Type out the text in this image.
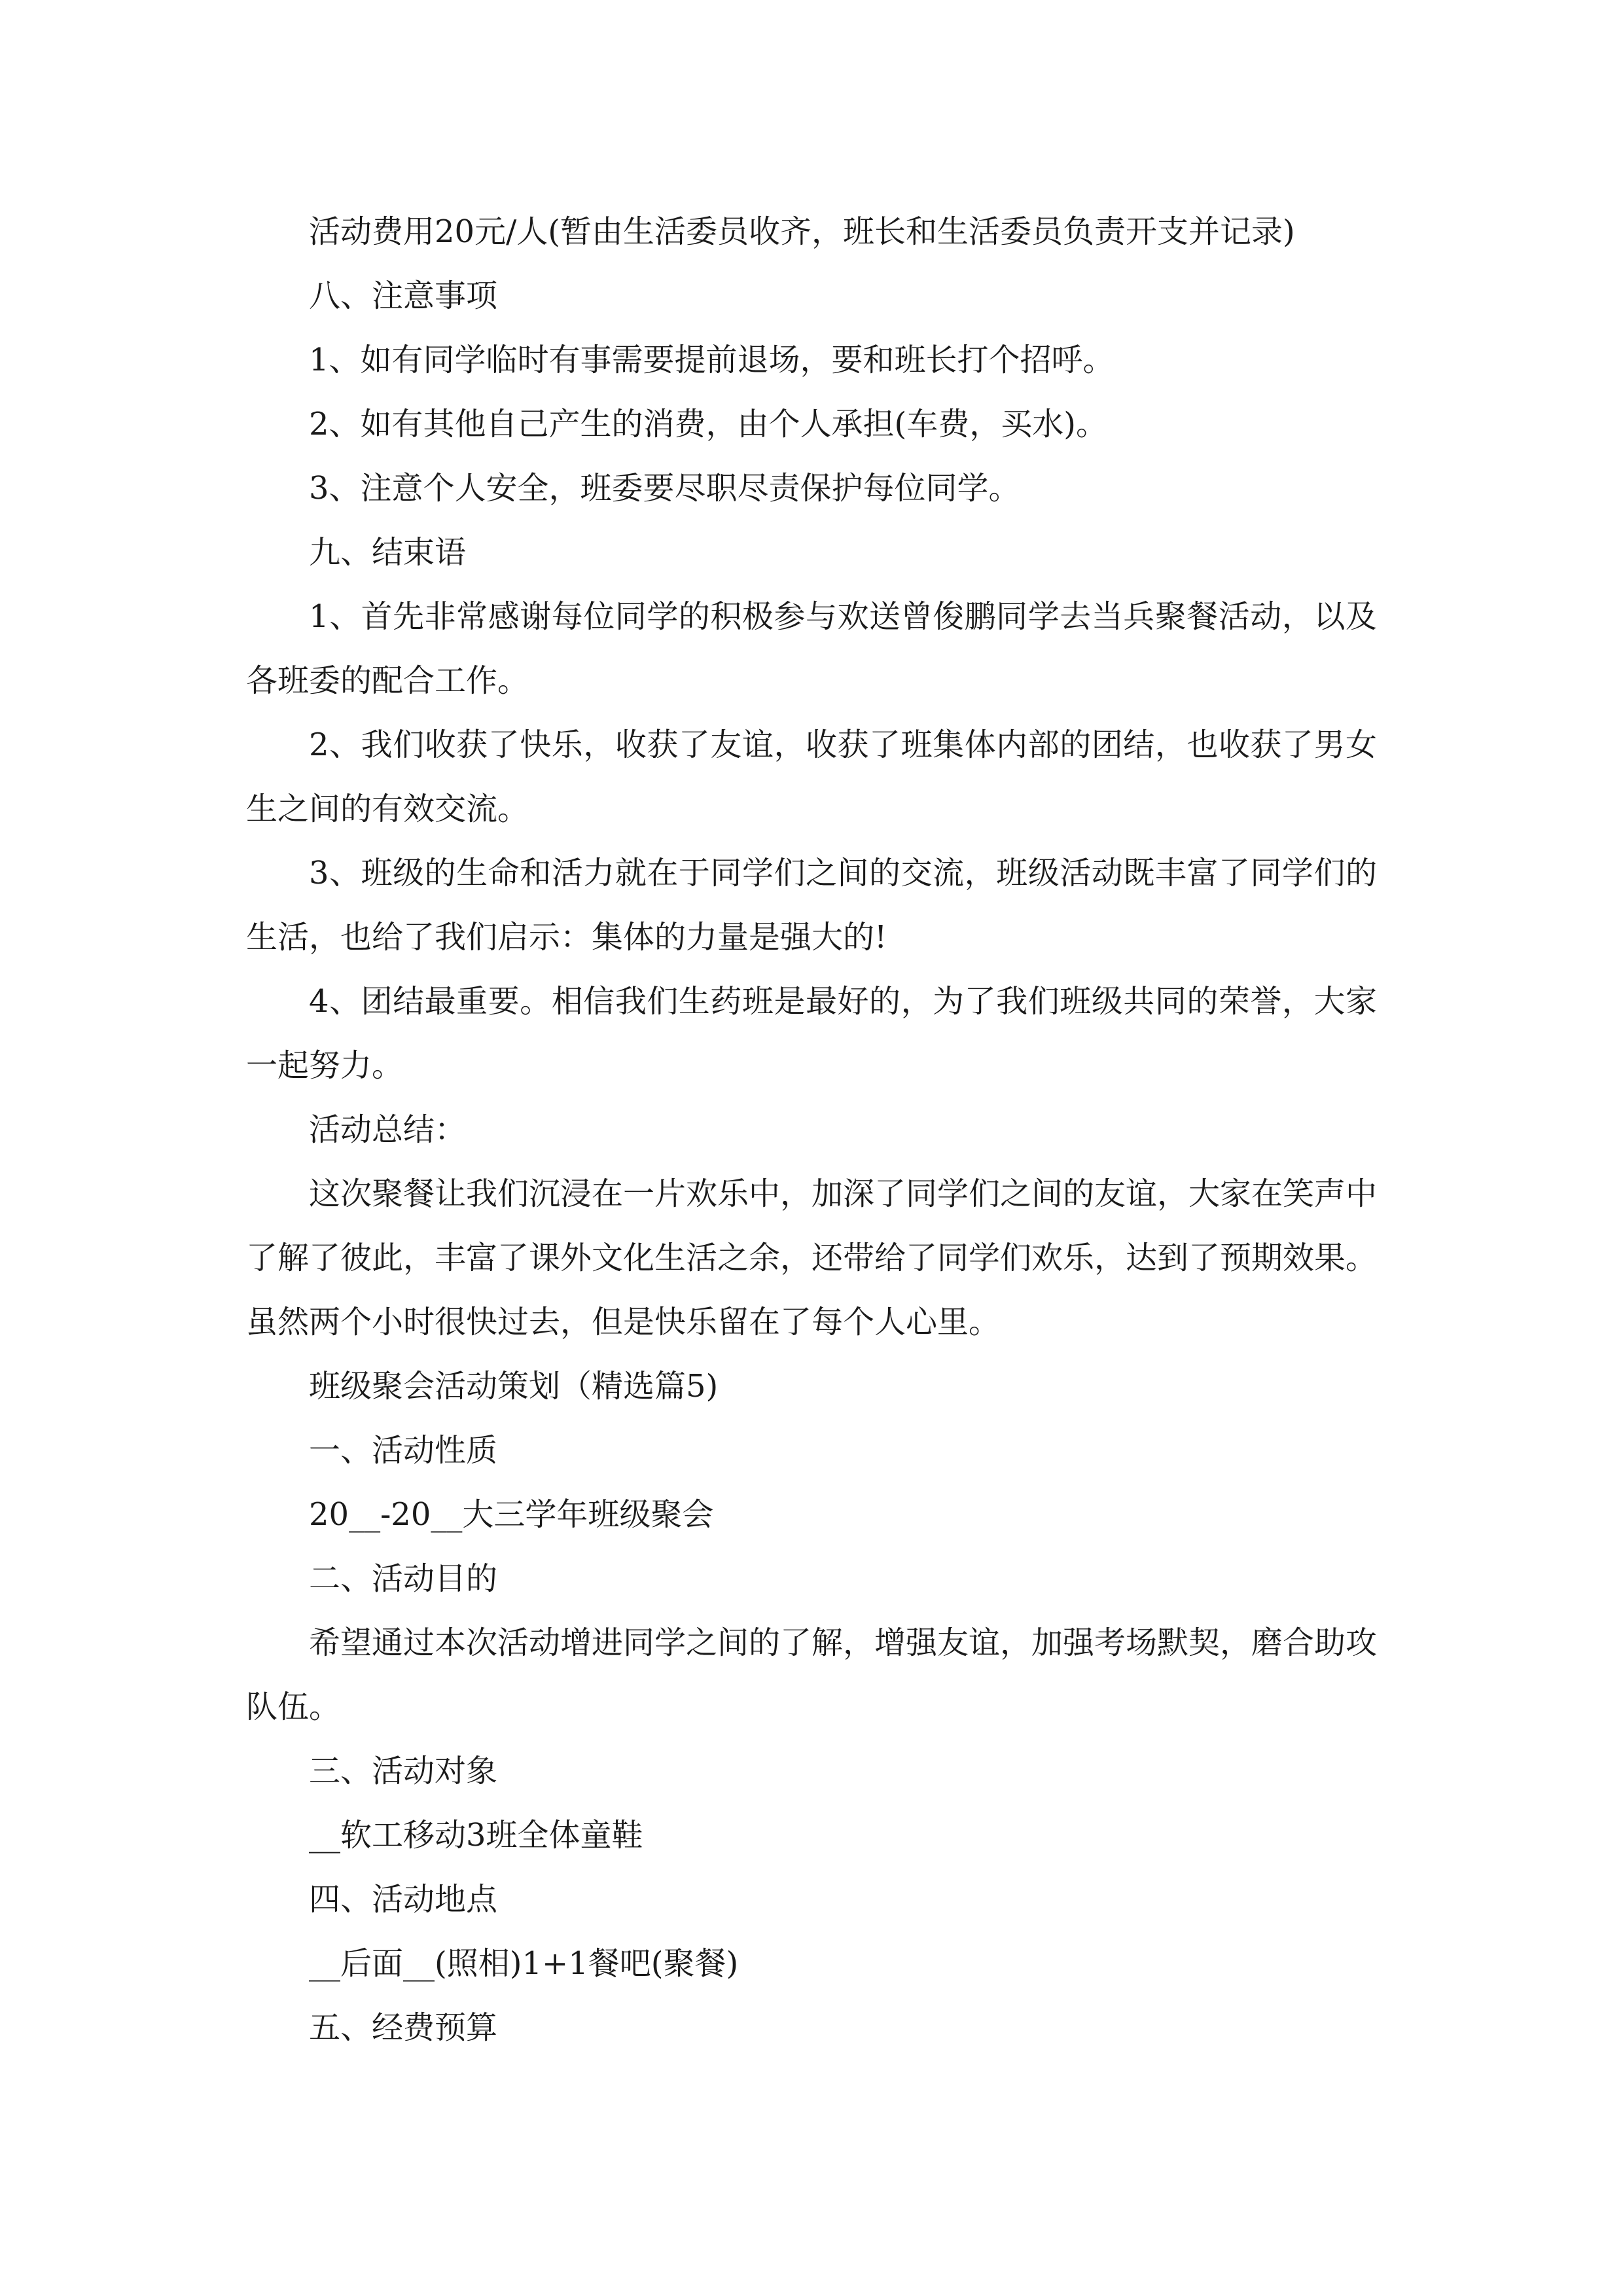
活动费用20元/人(暂由生活委员收齐，班长和生活委员负责开支并记录)

八、注意事项

1、如有同学临时有事需要提前退场，要和班长打个招呼。

2、如有其他自己产生的消费，由个人承担(车费，买水)。

3、注意个人安全，班委要尽职尽责保护每位同学。

九、结束语

1、首先非常感谢每位同学的积极参与欢送曾俊鹏同学去当兵聚餐活动，以及各班委的配合工作。

2、我们收获了快乐，收获了友谊，收获了班集体内部的团结，也收获了男女生之间的有效交流。

3、班级的生命和活力就在于同学们之间的交流，班级活动既丰富了同学们的生活，也给了我们启示：集体的力量是强大的!

4、团结最重要。相信我们生药班是最好的，为了我们班级共同的荣誉，大家一起努力。

活动总结：

这次聚餐让我们沉浸在一片欢乐中，加深了同学们之间的友谊，大家在笑声中了解了彼此，丰富了课外文化生活之余，还带给了同学们欢乐，达到了预期效果。虽然两个小时很快过去，但是快乐留在了每个人心里。

班级聚会活动策划（精选篇5)

一、活动性质

20__-20__大三学年班级聚会

二、活动目的

希望通过本次活动增进同学之间的了解，增强友谊，加强考场默契，磨合助攻队伍。

三、活动对象

__软工移动3班全体童鞋

四、活动地点

__后面__(照相)1+1餐吧(聚餐)

五、经费预算
